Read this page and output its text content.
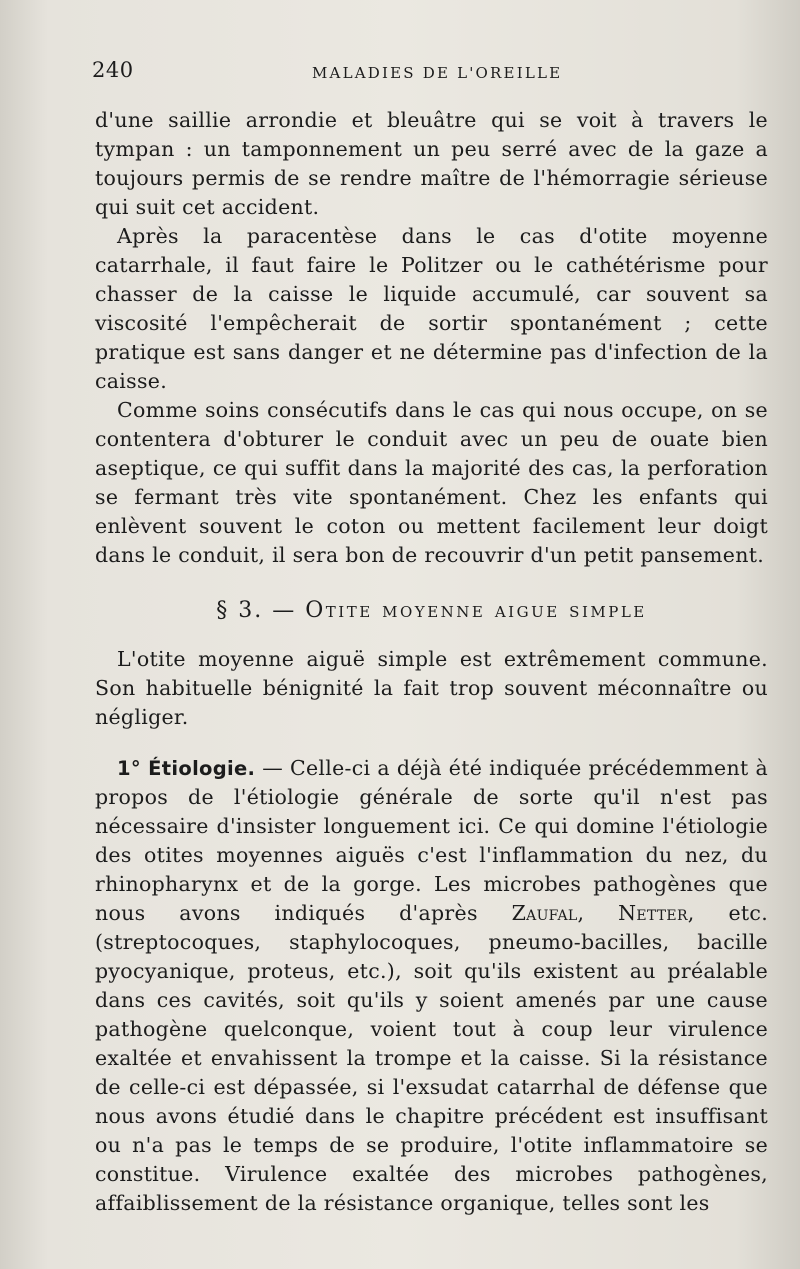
240	MALADIES DE L'OREILLE

d'une saillie arrondie et bleuâtre qui se voit à travers le tympan : un tamponnement un peu serré avec de la gaze a toujours permis de se rendre maître de l'hémorragie sérieuse qui suit cet accident.

Après la paracentèse dans le cas d'otite moyenne catarrhale, il faut faire le Politzer ou le cathétérisme pour chasser de la caisse le liquide accumulé, car souvent sa viscosité l'empêcherait de sortir spontanément ; cette pratique est sans danger et ne détermine pas d'infection de la caisse.

Comme soins consécutifs dans le cas qui nous occupe, on se contentera d'obturer le conduit avec un peu de ouate bien aseptique, ce qui suffit dans la majorité des cas, la perforation se fermant très vite spontanément. Chez les enfants qui enlèvent souvent le coton ou mettent facilement leur doigt dans le conduit, il sera bon de recouvrir d'un petit pansement.

§ 3. — Otite moyenne aigue simple

L'otite moyenne aiguë simple est extrêmement commune. Son habituelle bénignité la fait trop souvent méconnaître ou négliger.

1° Étiologie. — Celle-ci a déjà été indiquée précédemment à propos de l'étiologie générale de sorte qu'il n'est pas nécessaire d'insister longuement ici. Ce qui domine l'étiologie des otites moyennes aiguës c'est l'inflammation du nez, du rhinopharynx et de la gorge. Les microbes pathogènes que nous avons indiqués d'après Zaufal, Netter, etc. (streptocoques, staphylocoques, pneumo-bacilles, bacille pyocyanique, proteus, etc.), soit qu'ils existent au préalable dans ces cavités, soit qu'ils y soient amenés par une cause pathogène quelconque, voient tout à coup leur virulence exaltée et envahissent la trompe et la caisse. Si la résistance de celle-ci est dépassée, si l'exsudat catarrhal de défense que nous avons étudié dans le chapitre précédent est insuffisant ou n'a pas le temps de se produire, l'otite inflammatoire se constitue. Virulence exaltée des microbes pathogènes, affaiblissement de la résistance organique, telles sont les
